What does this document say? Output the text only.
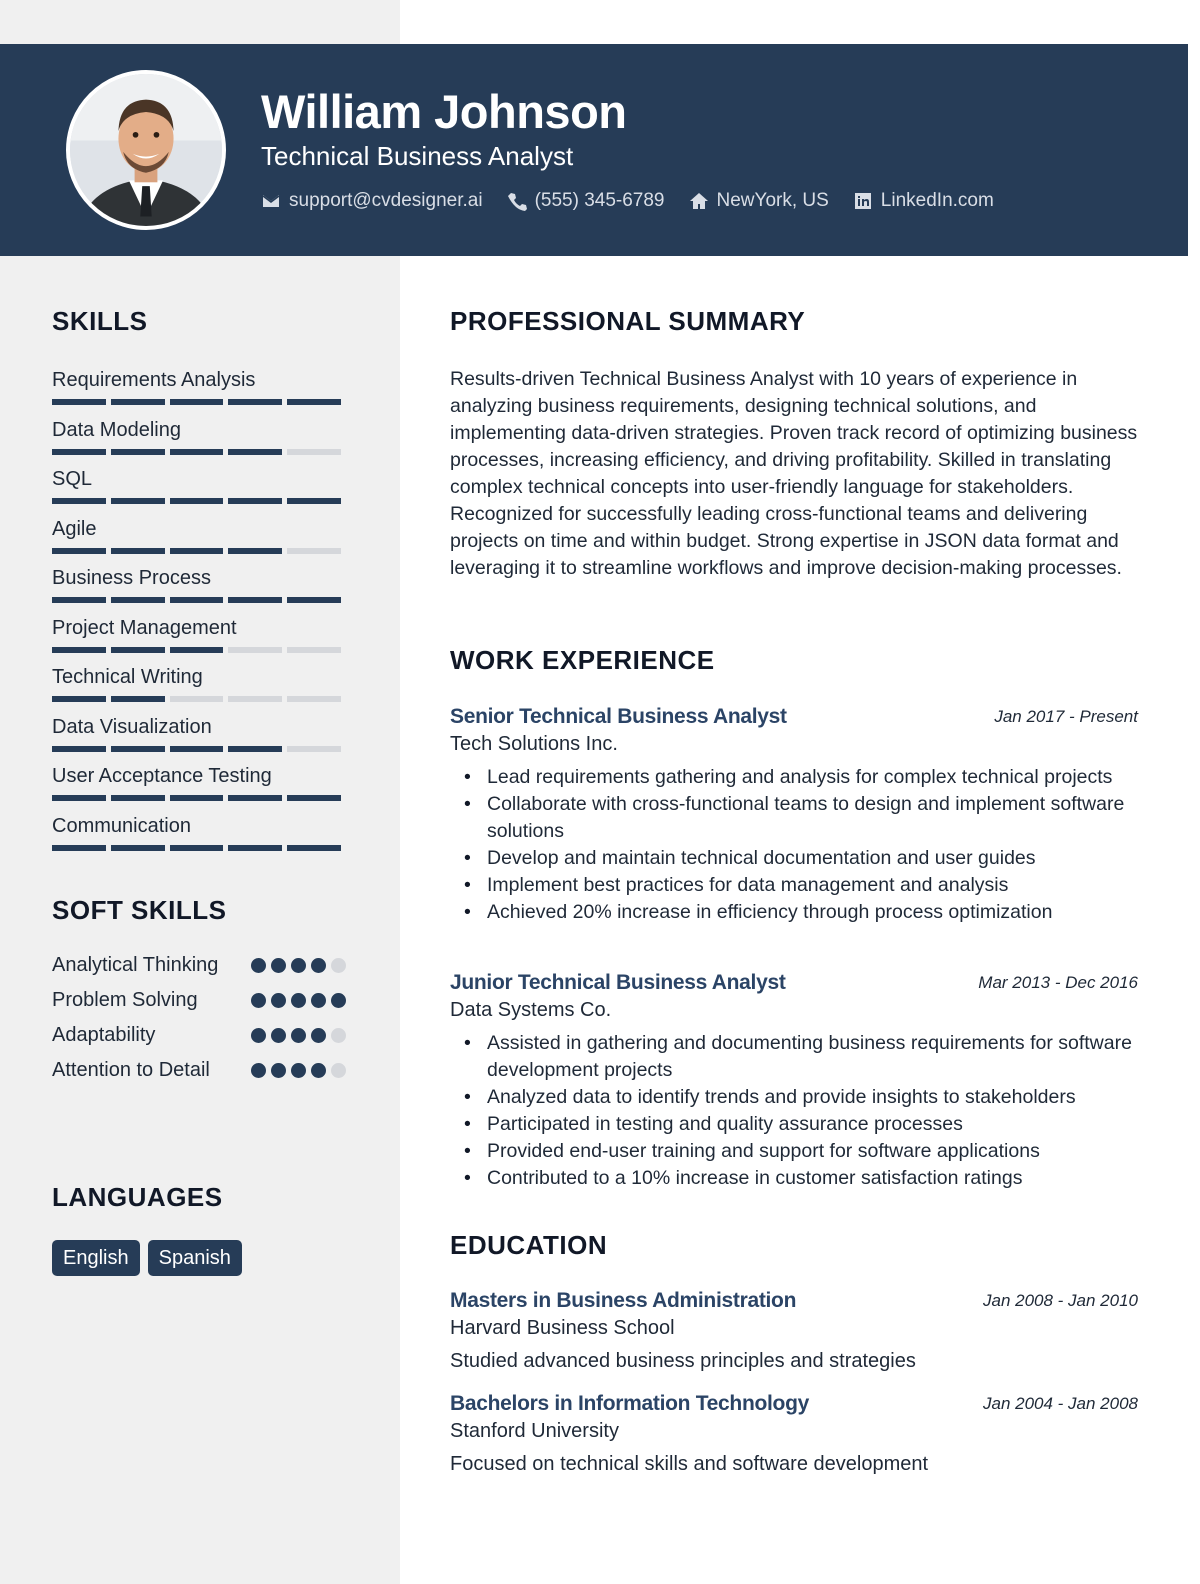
William Johnson
Technical Business Analyst
support@cvdesigner.ai	(555) 345-6789	NewYork, US	LinkedIn.com
SKILLS
Requirements Analysis
Data Modeling
SQL
Agile
Business Process
Project Management
Technical Writing
Data Visualization
User Acceptance Testing
Communication
SOFT SKILLS
Analytical Thinking
Problem Solving
Adaptability
Attention to Detail
LANGUAGES
English	Spanish
PROFESSIONAL SUMMARY
Results-driven Technical Business Analyst with 10 years of experience in analyzing business requirements, designing technical solutions, and implementing data-driven strategies. Proven track record of optimizing business processes, increasing efficiency, and driving profitability. Skilled in translating complex technical concepts into user-friendly language for stakeholders. Recognized for successfully leading cross-functional teams and delivering projects on time and within budget. Strong expertise in JSON data format and leveraging it to streamline workflows and improve decision-making processes.
WORK EXPERIENCE
Senior Technical Business Analyst	Jan 2017 - Present
Tech Solutions Inc.
• Lead requirements gathering and analysis for complex technical projects
• Collaborate with cross-functional teams to design and implement software solutions
• Develop and maintain technical documentation and user guides
• Implement best practices for data management and analysis
• Achieved 20% increase in efficiency through process optimization
Junior Technical Business Analyst	Mar 2013 - Dec 2016
Data Systems Co.
• Assisted in gathering and documenting business requirements for software development projects
• Analyzed data to identify trends and provide insights to stakeholders
• Participated in testing and quality assurance processes
• Provided end-user training and support for software applications
• Contributed to a 10% increase in customer satisfaction ratings
EDUCATION
Masters in Business Administration	Jan 2008 - Jan 2010
Harvard Business School
Studied advanced business principles and strategies
Bachelors in Information Technology	Jan 2004 - Jan 2008
Stanford University
Focused on technical skills and software development
